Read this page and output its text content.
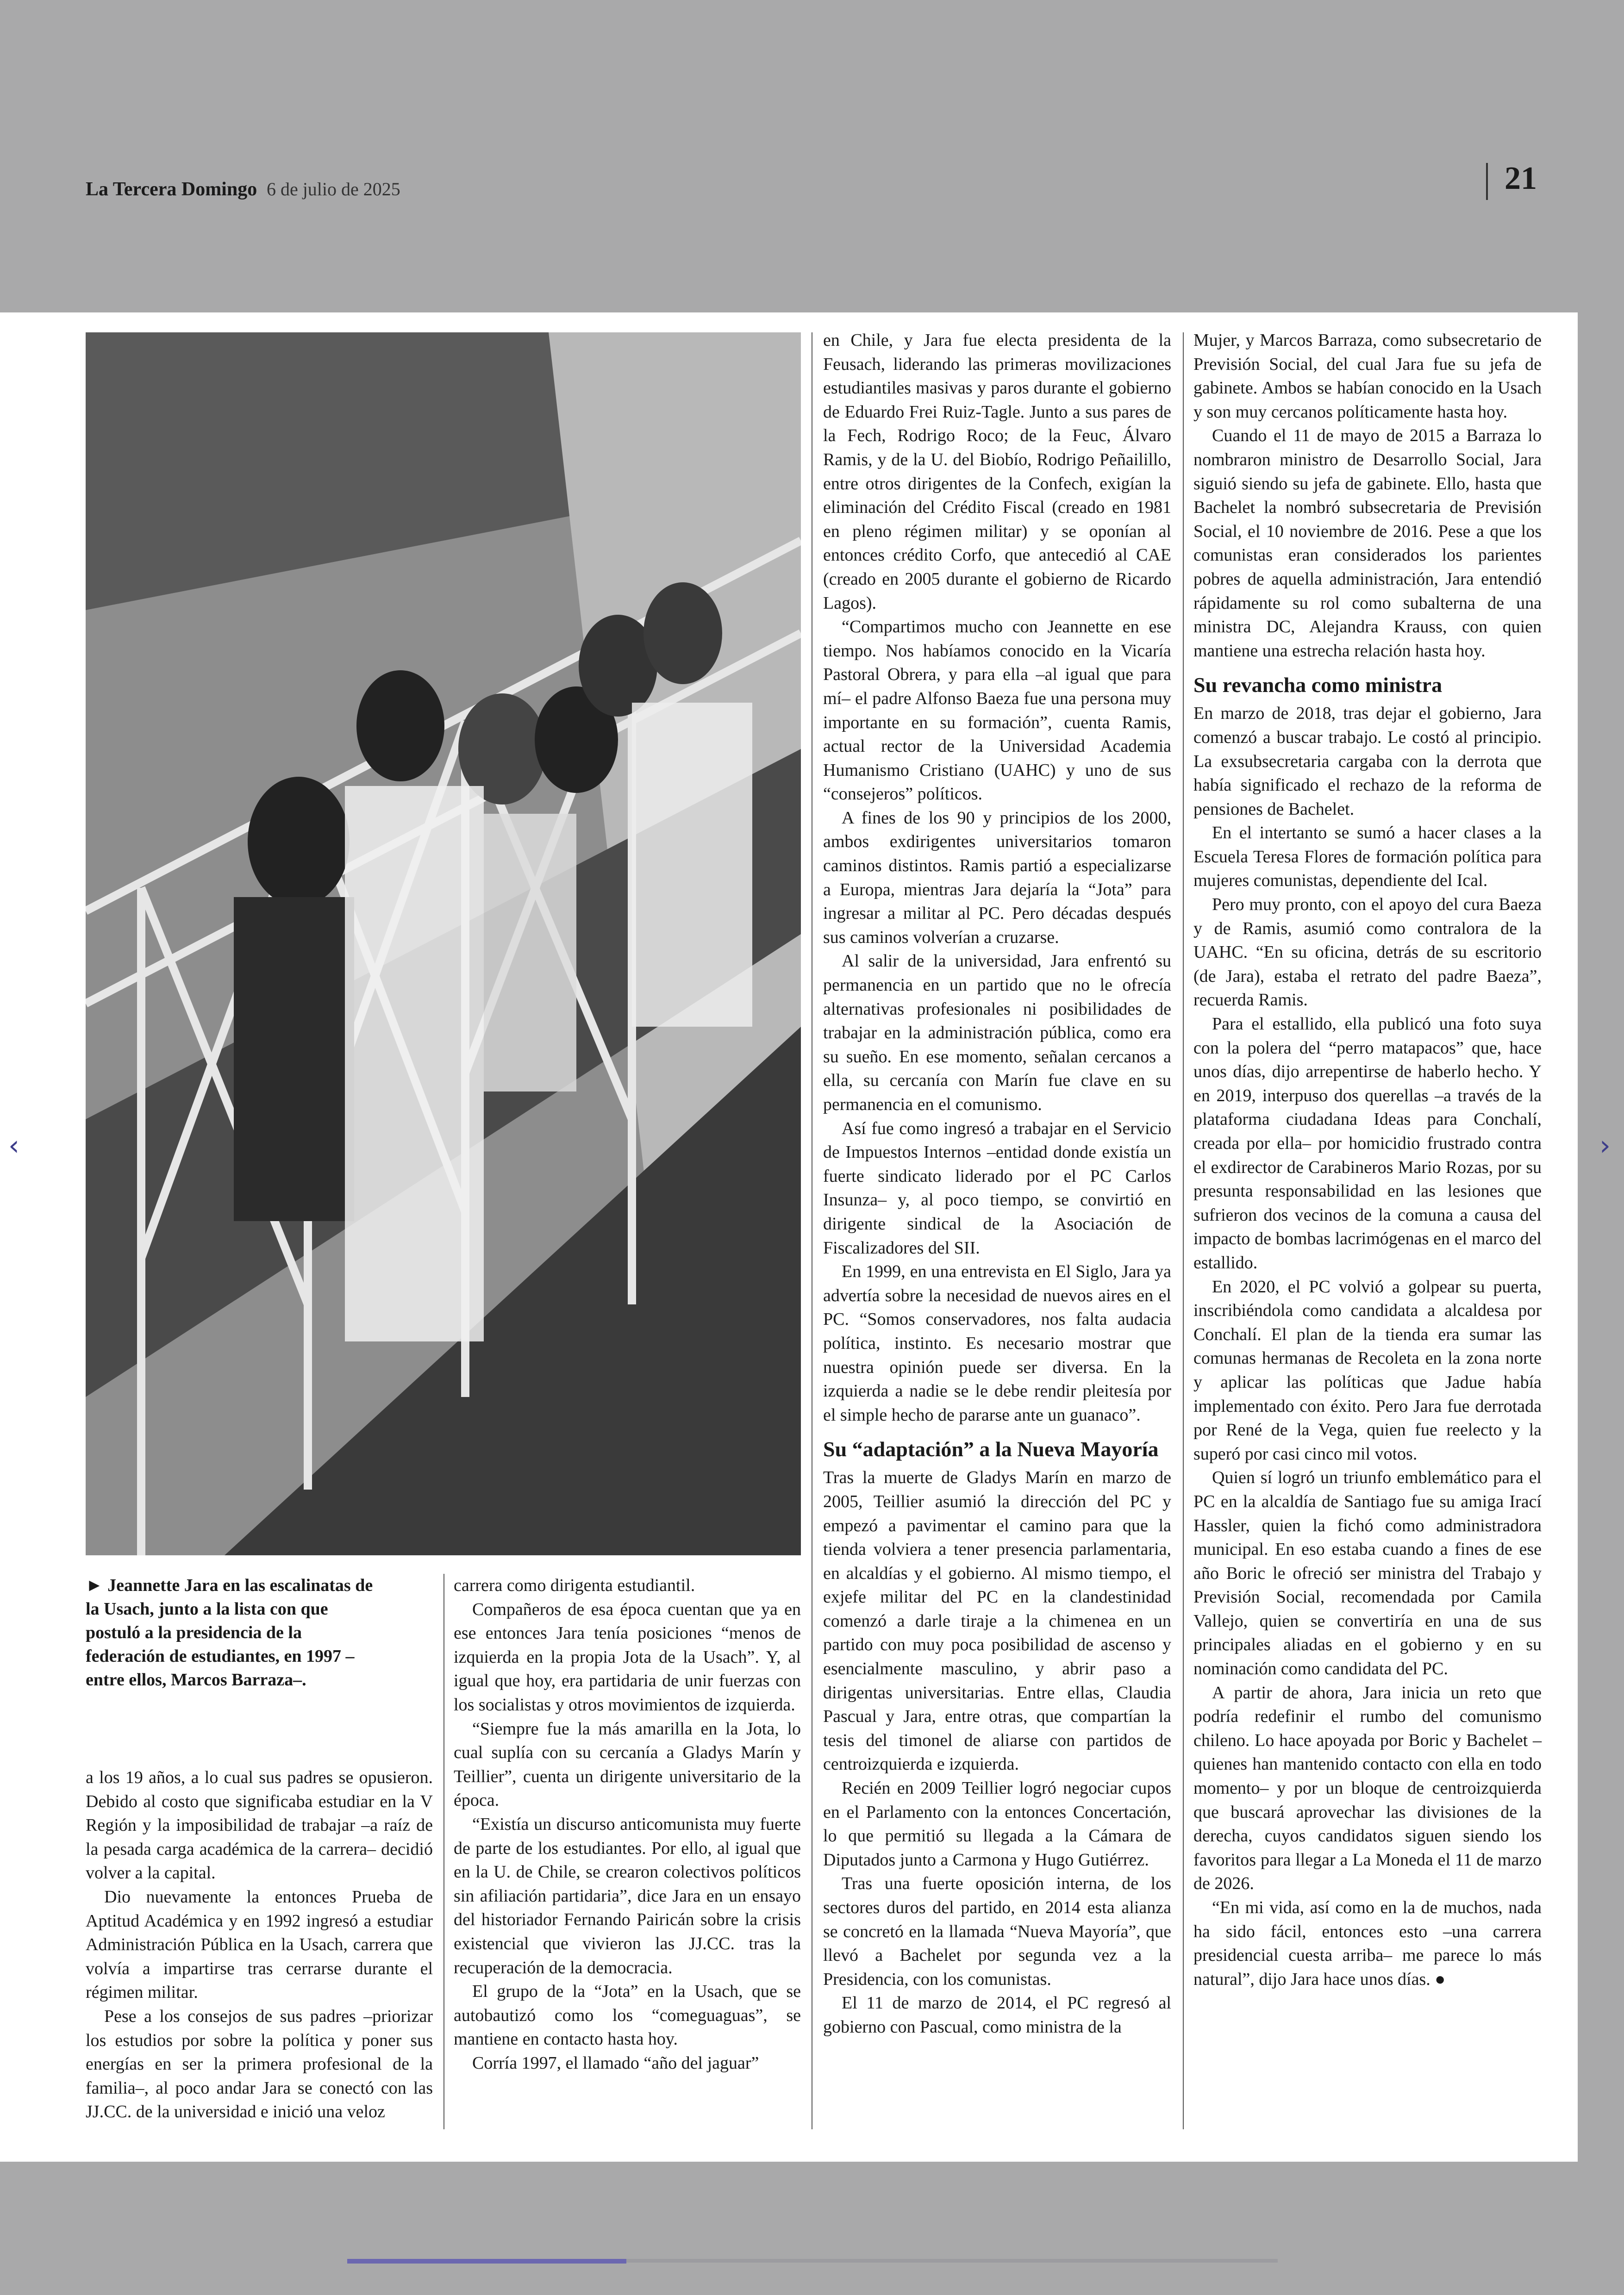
La Tercera Domingo 6 de julio de 2025	21
► Jeannette Jara en las escalinatas de la Usach, junto a la lista con que postuló a la presidencia de la federación de estudiantes, en 1997 –entre ellos, Marcos Barraza–.

a los 19 años, a lo cual sus padres se opusieron. Debido al costo que significaba estudiar en la V Región y la imposibilidad de trabajar –a raíz de la pesada carga académica de la carrera– decidió volver a la capital.

Dio nuevamente la entonces Prueba de Aptitud Académica y en 1992 ingresó a estudiar Administración Pública en la Usach, carrera que volvía a impartirse tras cerrarse durante el régimen militar.

Pese a los consejos de sus padres –priorizar los estudios por sobre la política y poner sus energías en ser la primera profesional de la familia–, al poco andar Jara se conectó con las JJ.CC. de la universidad e inició una veloz

carrera como dirigenta estudiantil.

Compañeros de esa época cuentan que ya en ese entonces Jara tenía posiciones “menos de izquierda en la propia Jota de la Usach”. Y, al igual que hoy, era partidaria de unir fuerzas con los socialistas y otros movimientos de izquierda.

“Siempre fue la más amarilla en la Jota, lo cual suplía con su cercanía a Gladys Marín y Teillier”, cuenta un dirigente universitario de la época.

“Existía un discurso anticomunista muy fuerte de parte de los estudiantes. Por ello, al igual que en la U. de Chile, se crearon colectivos políticos sin afiliación partidaria”, dice Jara en un ensayo del historiador Fernando Pairicán sobre la crisis existencial que vivieron las JJ.CC. tras la recuperación de la democracia.

El grupo de la “Jota” en la Usach, que se autobautizó como los “comeguaguas”, se mantiene en contacto hasta hoy.

Corría 1997, el llamado “año del jaguar”

en Chile, y Jara fue electa presidenta de la Feusach, liderando las primeras movilizaciones estudiantiles masivas y paros durante el gobierno de Eduardo Frei Ruiz-Tagle. Junto a sus pares de la Fech, Rodrigo Roco; de la Feuc, Álvaro Ramis, y de la U. del Biobío, Rodrigo Peñailillo, entre otros dirigentes de la Confech, exigían la eliminación del Crédito Fiscal (creado en 1981 en pleno régimen militar) y se oponían al entonces crédito Corfo, que antecedió al CAE (creado en 2005 durante el gobierno de Ricardo Lagos).

“Compartimos mucho con Jeannette en ese tiempo. Nos habíamos conocido en la Vicaría Pastoral Obrera, y para ella –al igual que para mí– el padre Alfonso Baeza fue una persona muy importante en su formación”, cuenta Ramis, actual rector de la Universidad Academia Humanismo Cristiano (UAHC) y uno de sus “consejeros” políticos.

A fines de los 90 y principios de los 2000, ambos exdirigentes universitarios tomaron caminos distintos. Ramis partió a especializarse a Europa, mientras Jara dejaría la “Jota” para ingresar a militar al PC. Pero décadas después sus caminos volverían a cruzarse.

Al salir de la universidad, Jara enfrentó su permanencia en un partido que no le ofrecía alternativas profesionales ni posibilidades de trabajar en la administración pública, como era su sueño. En ese momento, señalan cercanos a ella, su cercanía con Marín fue clave en su permanencia en el comunismo.

Así fue como ingresó a trabajar en el Servicio de Impuestos Internos –entidad donde existía un fuerte sindicato liderado por el PC Carlos Insunza– y, al poco tiempo, se convirtió en dirigente sindical de la Asociación de Fiscalizadores del SII.

En 1999, en una entrevista en El Siglo, Jara ya advertía sobre la necesidad de nuevos aires en el PC. “Somos conservadores, nos falta audacia política, instinto. Es necesario mostrar que nuestra opinión puede ser diversa. En la izquierda a nadie se le debe rendir pleitesía por el simple hecho de pararse ante un guanaco”.

Su “adaptación” a la Nueva Mayoría

Tras la muerte de Gladys Marín en marzo de 2005, Teillier asumió la dirección del PC y empezó a pavimentar el camino para que la tienda volviera a tener presencia parlamentaria, en alcaldías y el gobierno. Al mismo tiempo, el exjefe militar del PC en la clandestinidad comenzó a darle tiraje a la chimenea en un partido con muy poca posibilidad de ascenso y esencialmente masculino, y abrir paso a dirigentas universitarias. Entre ellas, Claudia Pascual y Jara, entre otras, que compartían la tesis del timonel de aliarse con partidos de centroizquierda e izquierda.

Recién en 2009 Teillier logró negociar cupos en el Parlamento con la entonces Concertación, lo que permitió su llegada a la Cámara de Diputados junto a Carmona y Hugo Gutiérrez.

Tras una fuerte oposición interna, de los sectores duros del partido, en 2014 esta alianza se concretó en la llamada “Nueva Mayoría”, que llevó a Bachelet por segunda vez a la Presidencia, con los comunistas.

El 11 de marzo de 2014, el PC regresó al gobierno con Pascual, como ministra de la

Mujer, y Marcos Barraza, como subsecretario de Previsión Social, del cual Jara fue su jefa de gabinete. Ambos se habían conocido en la Usach y son muy cercanos políticamente hasta hoy.

Cuando el 11 de mayo de 2015 a Barraza lo nombraron ministro de Desarrollo Social, Jara siguió siendo su jefa de gabinete. Ello, hasta que Bachelet la nombró subsecretaria de Previsión Social, el 10 noviembre de 2016. Pese a que los comunistas eran considerados los parientes pobres de aquella administración, Jara entendió rápidamente su rol como subalterna de una ministra DC, Alejandra Krauss, con quien mantiene una estrecha relación hasta hoy.

Su revancha como ministra

En marzo de 2018, tras dejar el gobierno, Jara comenzó a buscar trabajo. Le costó al principio. La exsubsecretaria cargaba con la derrota que había significado el rechazo de la reforma de pensiones de Bachelet.

En el intertanto se sumó a hacer clases a la Escuela Teresa Flores de formación política para mujeres comunistas, dependiente del Ical.

Pero muy pronto, con el apoyo del cura Baeza y de Ramis, asumió como contralora de la UAHC. “En su oficina, detrás de su escritorio (de Jara), estaba el retrato del padre Baeza”, recuerda Ramis.

Para el estallido, ella publicó una foto suya con la polera del “perro matapacos” que, hace unos días, dijo arrepentirse de haberlo hecho. Y en 2019, interpuso dos querellas –a través de la plataforma ciudadana Ideas para Conchalí, creada por ella– por homicidio frustrado contra el exdirector de Carabineros Mario Rozas, por su presunta responsabilidad en las lesiones que sufrieron dos vecinos de la comuna a causa del impacto de bombas lacrimógenas en el marco del estallido.

En 2020, el PC volvió a golpear su puerta, inscribiéndola como candidata a alcaldesa por Conchalí. El plan de la tienda era sumar las comunas hermanas de Recoleta en la zona norte y aplicar las políticas que Jadue había implementado con éxito. Pero Jara fue derrotada por René de la Vega, quien fue reelecto y la superó por casi cinco mil votos.

Quien sí logró un triunfo emblemático para el PC en la alcaldía de Santiago fue su amiga Irací Hassler, quien la fichó como administradora municipal. En eso estaba cuando a fines de ese año Boric le ofreció ser ministra del Trabajo y Previsión Social, recomendada por Camila Vallejo, quien se convertiría en una de sus principales aliadas en el gobierno y en su nominación como candidata del PC.

A partir de ahora, Jara inicia un reto que podría redefinir el rumbo del comunismo chileno. Lo hace apoyada por Boric y Bachelet –quienes han mantenido contacto con ella en todo momento– y por un bloque de centroizquierda que buscará aprovechar las divisiones de la derecha, cuyos candidatos siguen siendo los favoritos para llegar a La Moneda el 11 de marzo de 2026.

“En mi vida, así como en la de muchos, nada ha sido fácil, entonces esto –una carrera presidencial cuesta arriba– me parece lo más natural”, dijo Jara hace unos días. ●

‹	›
